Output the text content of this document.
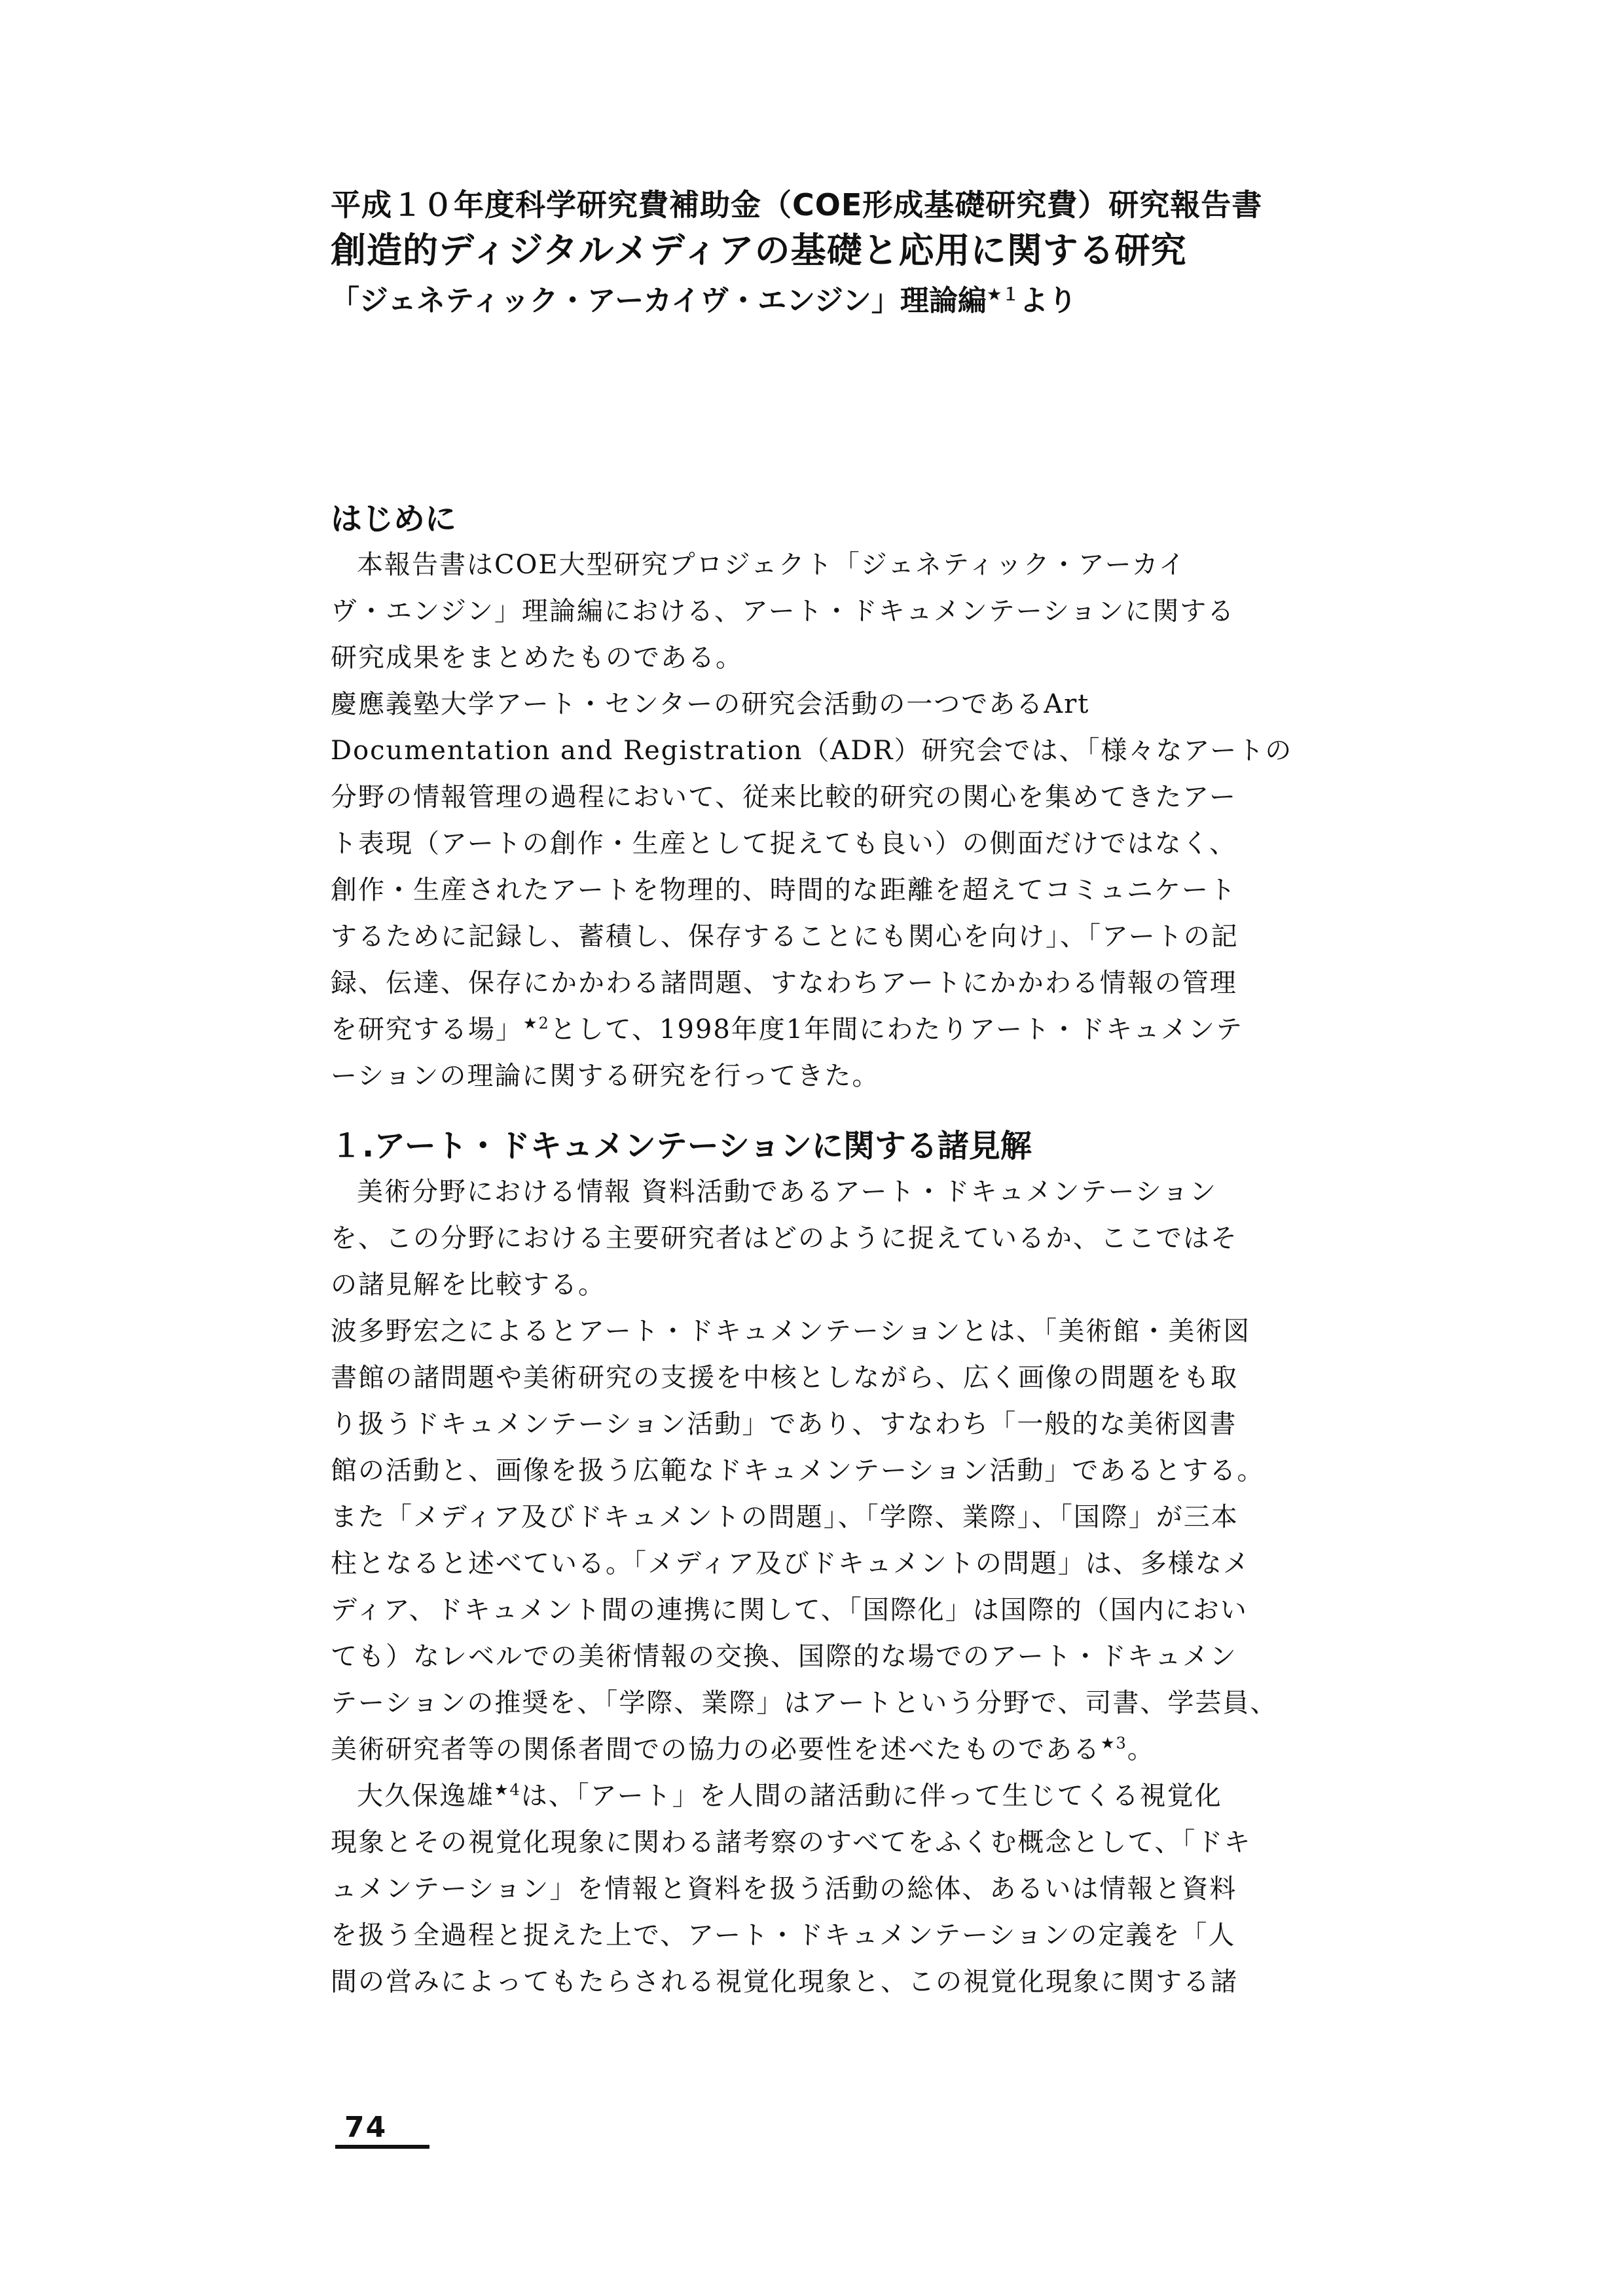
平成１０年度科学研究費補助金（COE形成基礎研究費）研究報告書
創造的ディジタルメディアの基礎と応用に関する研究
「ジェネティック・アーカイヴ・エンジン」理論編$^{★1}$より
はじめに

本報告書はCOE大型研究プロジェクト「ジェネティック・アーカイ

ヴ・エンジン」理論編における、アート・ドキュメンテーションに関する

研究成果をまとめたものである。

慶應義塾大学アート・センターの研究会活動の一つであるArt

Documentation and Registration（ADR）研究会では、「様々なアートの

分野の情報管理の過程において、従来比較的研究の関心を集めてきたアー

ト表現（アートの創作・生産として捉えても良い）の側面だけではなく、

創作・生産されたアートを物理的、時間的な距離を超えてコミュニケート

するために記録し、蓄積し、保存することにも関心を向け」、「アートの記

録、伝達、保存にかかわる諸問題、すなわちアートにかかわる情報の管理

を研究する場」$^{★2}$として、1998年度1年間にわたりアート・ドキュメンテ

ーションの理論に関する研究を行ってきた。

１.アート・ドキュメンテーションに関する諸見解

美術分野における情報 資料活動であるアート・ドキュメンテーション

を、この分野における主要研究者はどのように捉えているか、ここではそ

の諸見解を比較する。

波多野宏之によるとアート・ドキュメンテーションとは、「美術館・美術図

書館の諸問題や美術研究の支援を中核としながら、広く画像の問題をも取

り扱うドキュメンテーション活動」であり、すなわち「一般的な美術図書

館の活動と、画像を扱う広範なドキュメンテーション活動」であるとする。

また「メディア及びドキュメントの問題」、「学際、業際」、「国際」が三本

柱となると述べている。「メディア及びドキュメントの問題」は、多様なメ

ディア、ドキュメント間の連携に関して、「国際化」は国際的（国内におい

ても）なレベルでの美術情報の交換、国際的な場でのアート・ドキュメン

テーションの推奨を、「学際、業際」はアートという分野で、司書、学芸員、

美術研究者等の関係者間での協力の必要性を述べたものである$^{★3}$。

大久保逸雄$^{★4}$は、「アート」を人間の諸活動に伴って生じてくる視覚化

現象とその視覚化現象に関わる諸考察のすべてをふくむ概念として、「ドキ

ュメンテーション」を情報と資料を扱う活動の総体、あるいは情報と資料

を扱う全過程と捉えた上で、アート・ドキュメンテーションの定義を「人

間の営みによってもたらされる視覚化現象と、この視覚化現象に関する諸

74
